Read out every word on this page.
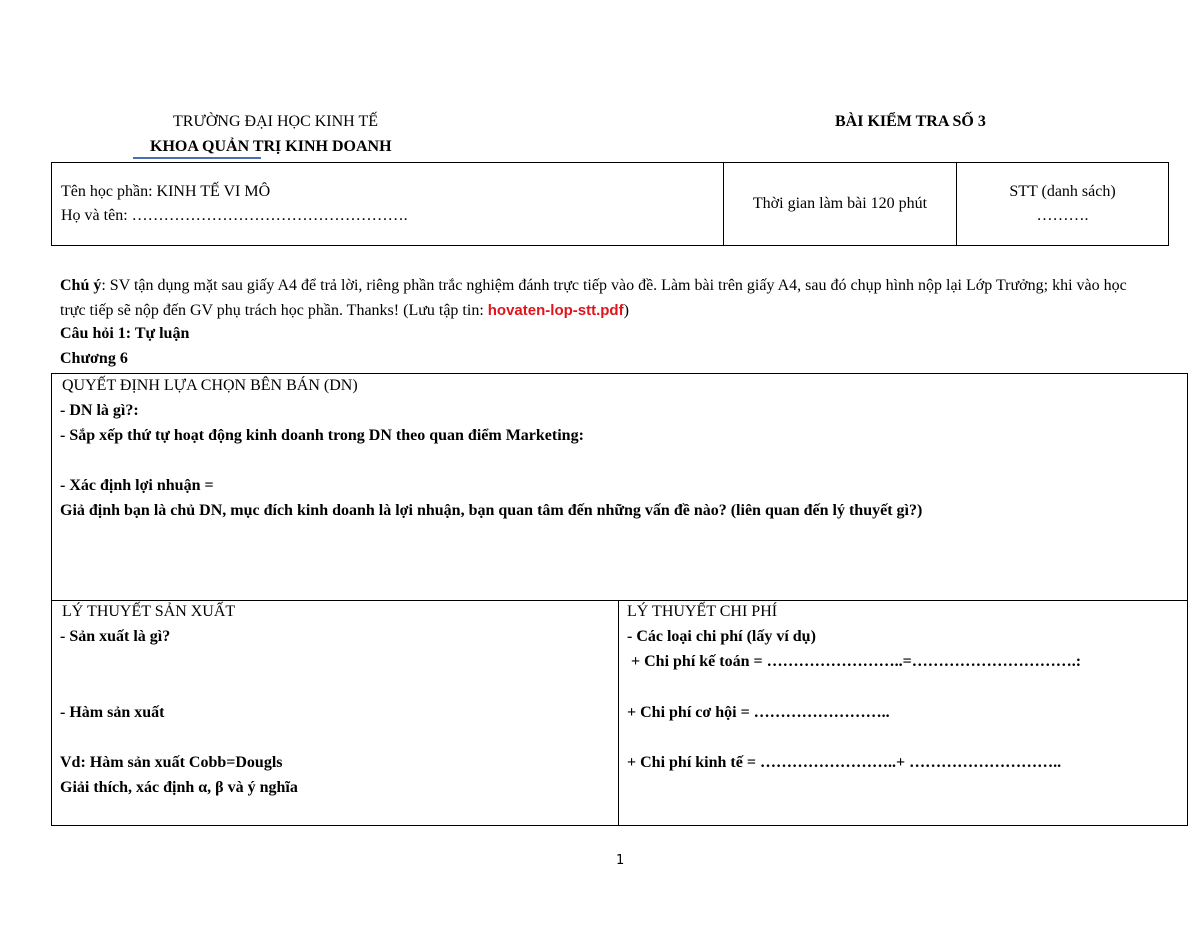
TRƯỜNG ĐẠI HỌC KINH TẾ
KHOA QUẢN TRỊ KINH DOANH
BÀI KIỂM TRA SỐ 3
Tên học phần: KINH TẾ VI MÔ
Họ và tên: …………………………………………….
Thời gian làm bài 120 phút
STT (danh sách)
……….
Chú ý: SV tận dụng mặt sau giấy A4 để trả lời, riêng phần trắc nghiệm đánh trực tiếp vào đề. Làm bài trên giấy A4, sau đó chụp hình nộp lại Lớp Trưởng; khi vào học trực tiếp sẽ nộp đến GV phụ trách học phần. Thanks! (Lưu tập tin: hovaten-lop-stt.pdf)
Câu hỏi 1: Tự luận
Chương 6
QUYẾT ĐỊNH LỰA CHỌN BÊN BÁN (DN)
- DN là gì?:
- Sắp xếp thứ tự hoạt động kinh doanh trong DN theo quan điểm Marketing:
- Xác định lợi nhuận =
Giả định bạn là chủ DN, mục đích kinh doanh là lợi nhuận, bạn quan tâm đến những vấn đề nào? (liên quan đến lý thuyết gì?)
LÝ THUYẾT SẢN XUẤT
- Sản xuất là gì?
- Hàm sản xuất
Vd: Hàm sản xuất Cobb=Dougls
Giải thích, xác định α, β và ý nghĩa
LÝ THUYẾT CHI PHÍ
- Các loại chi phí (lấy ví dụ)
+ Chi phí kế toán = ……………………..=………………………….:
+ Chi phí cơ hội = ……………………..
+ Chi phí kinh tế = ……………………..+ ………………………..
1
